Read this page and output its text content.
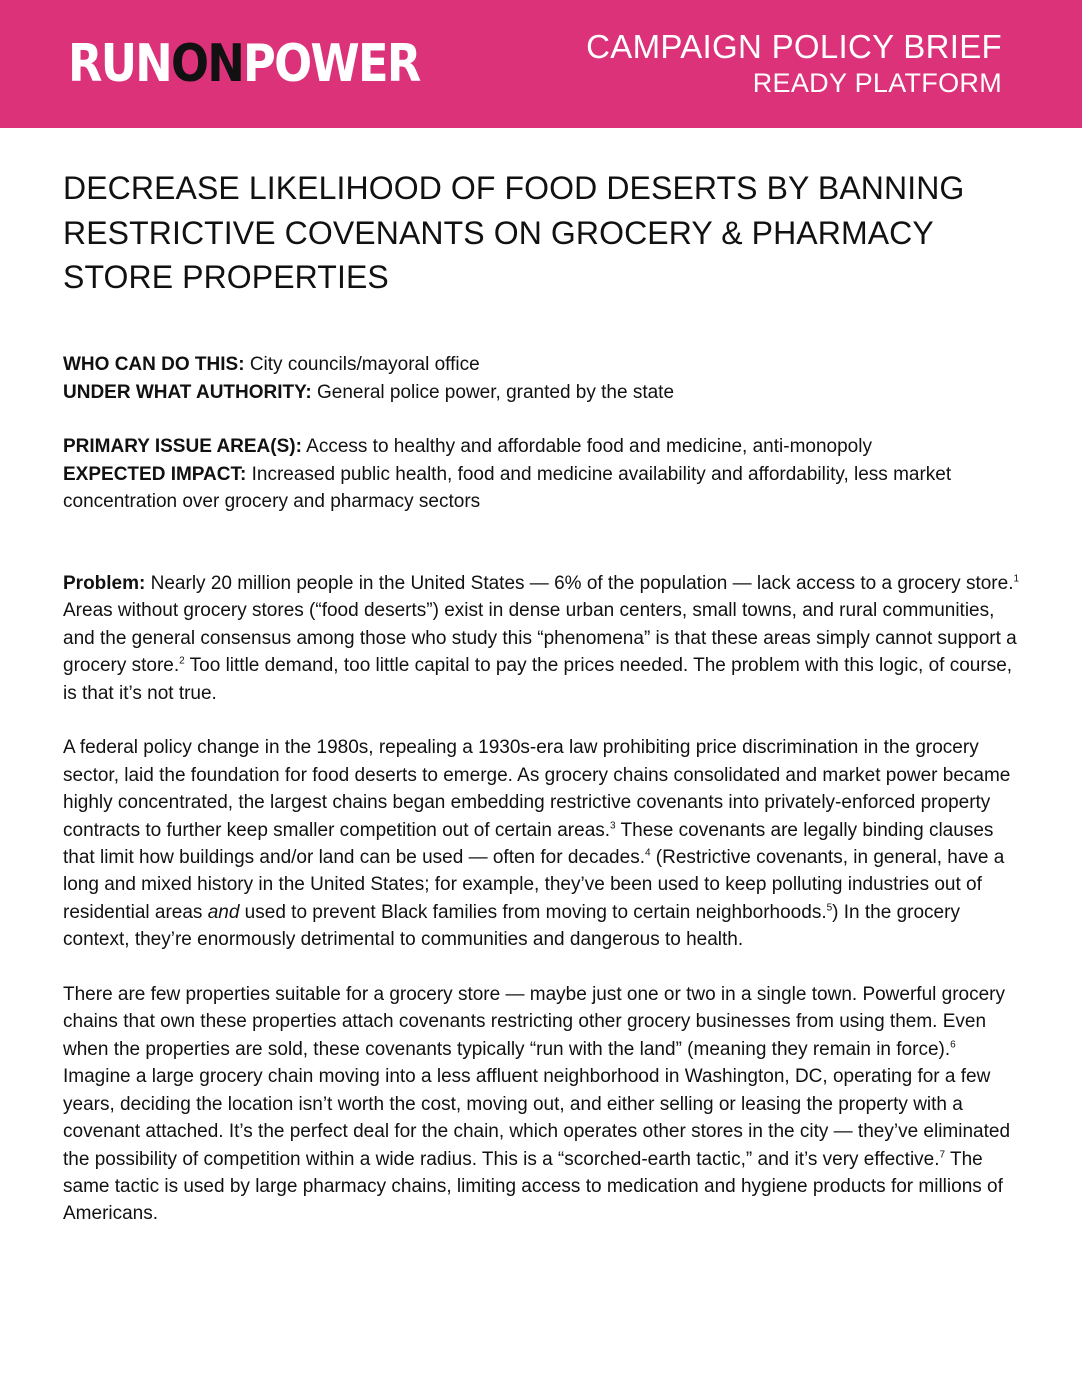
RUNONPOWER	CAMPAIGN POLICY BRIEF
READY PLATFORM
DECREASE LIKELIHOOD OF FOOD DESERTS BY BANNING RESTRICTIVE COVENANTS ON GROCERY & PHARMACY STORE PROPERTIES

WHO CAN DO THIS: City councils/mayoral office

UNDER WHAT AUTHORITY: General police power, granted by the state

PRIMARY ISSUE AREA(S): Access to healthy and affordable food and medicine, anti-monopoly

EXPECTED IMPACT: Increased public health, food and medicine availability and affordability, less market concentration over grocery and pharmacy sectors

Problem: Nearly 20 million people in the United States — 6% of the population — lack access to a grocery store.$^1$ Areas without grocery stores (“food deserts”) exist in dense urban centers, small towns, and rural communities, and the general consensus among those who study this “phenomena” is that these areas simply cannot support a grocery store.$^2$ Too little demand, too little capital to pay the prices needed. The problem with this logic, of course, is that it’s not true.

A federal policy change in the 1980s, repealing a 1930s-era law prohibiting price discrimination in the grocery sector, laid the foundation for food deserts to emerge. As grocery chains consolidated and market power became highly concentrated, the largest chains began embedding restrictive covenants into privately-enforced property contracts to further keep smaller competition out of certain areas.$^3$ These covenants are legally binding clauses that limit how buildings and/or land can be used — often for decades.$^4$ (Restrictive covenants, in general, have a long and mixed history in the United States; for example, they’ve been used to keep polluting industries out of residential areas and used to prevent Black families from moving to certain neighborhoods.$^5$) In the grocery context, they’re enormously detrimental to communities and dangerous to health.

There are few properties suitable for a grocery store — maybe just one or two in a single town. Powerful grocery chains that own these properties attach covenants restricting other grocery businesses from using them. Even when the properties are sold, these covenants typically “run with the land” (meaning they remain in force).$^6$ Imagine a large grocery chain moving into a less affluent neighborhood in Washington, DC, operating for a few years, deciding the location isn’t worth the cost, moving out, and either selling or leasing the property with a covenant attached. It’s the perfect deal for the chain, which operates other stores in the city — they’ve eliminated the possibility of competition within a wide radius. This is a “scorched-earth tactic,” and it’s very effective.$^7$ The same tactic is used by large pharmacy chains, limiting access to medication and hygiene products for millions of Americans.
